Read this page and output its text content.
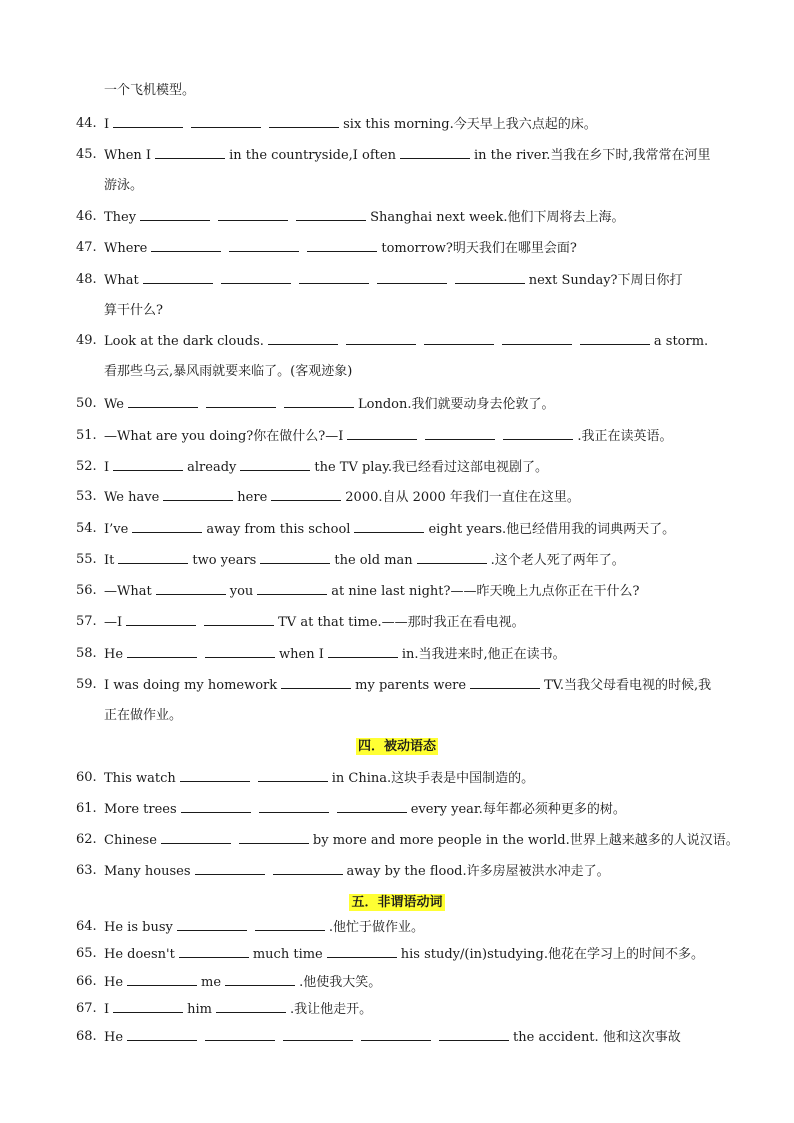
一个飞机模型。
44. I	six this morning.今天早上我六点起的床。
45. When I	in the countryside,I often	in the river.当我在乡下时,我常常在河里
游泳。
46. They	Shanghai next week.他们下周将去上海。
47. Where	tomorrow?明天我们在哪里会面?
48. What	next Sunday?下周日你打
算干什么?
49. Look at the dark clouds.	a storm.
看那些乌云,暴风雨就要来临了。(客观迹象)
50. We	London.我们就要动身去伦敦了。
51. —What are you doing?你在做什么?—I	.我正在读英语。
52. I	already	the TV play.我已经看过这部电视剧了。
53. We have	here	2000.自从 2000 年我们一直住在这里。
54. I’ve	away from this school	eight years.他已经借用我的词典两天了。
55. It	two years	the old man	.这个老人死了两年了。
56. —What	you	at nine last night?——昨天晚上九点你正在干什么?
57. —I	TV at that time.——那时我正在看电视。
58. He	when I	in.当我进来时,他正在读书。
59. I was doing my homework	my parents were	TV.当我父母看电视的时候,我
正在做作业。
60. This watch	in China.这块手表是中国制造的。
61. More trees	every year.每年都必须种更多的树。
62. Chinese	by more and more people in the world.世界上越来越多的人说汉语。
63. Many houses	away by the flood.许多房屋被洪水冲走了。
64. He is busy	.他忙于做作业。
65. He doesn't	much time	his study/(in)studying.他花在学习上的时间不多。
66. He	me	.他使我大笑。
67. I	him	.我让他走开。
68. He	the accident. 他和这次事故
四．被动语态
五．非谓语动词
